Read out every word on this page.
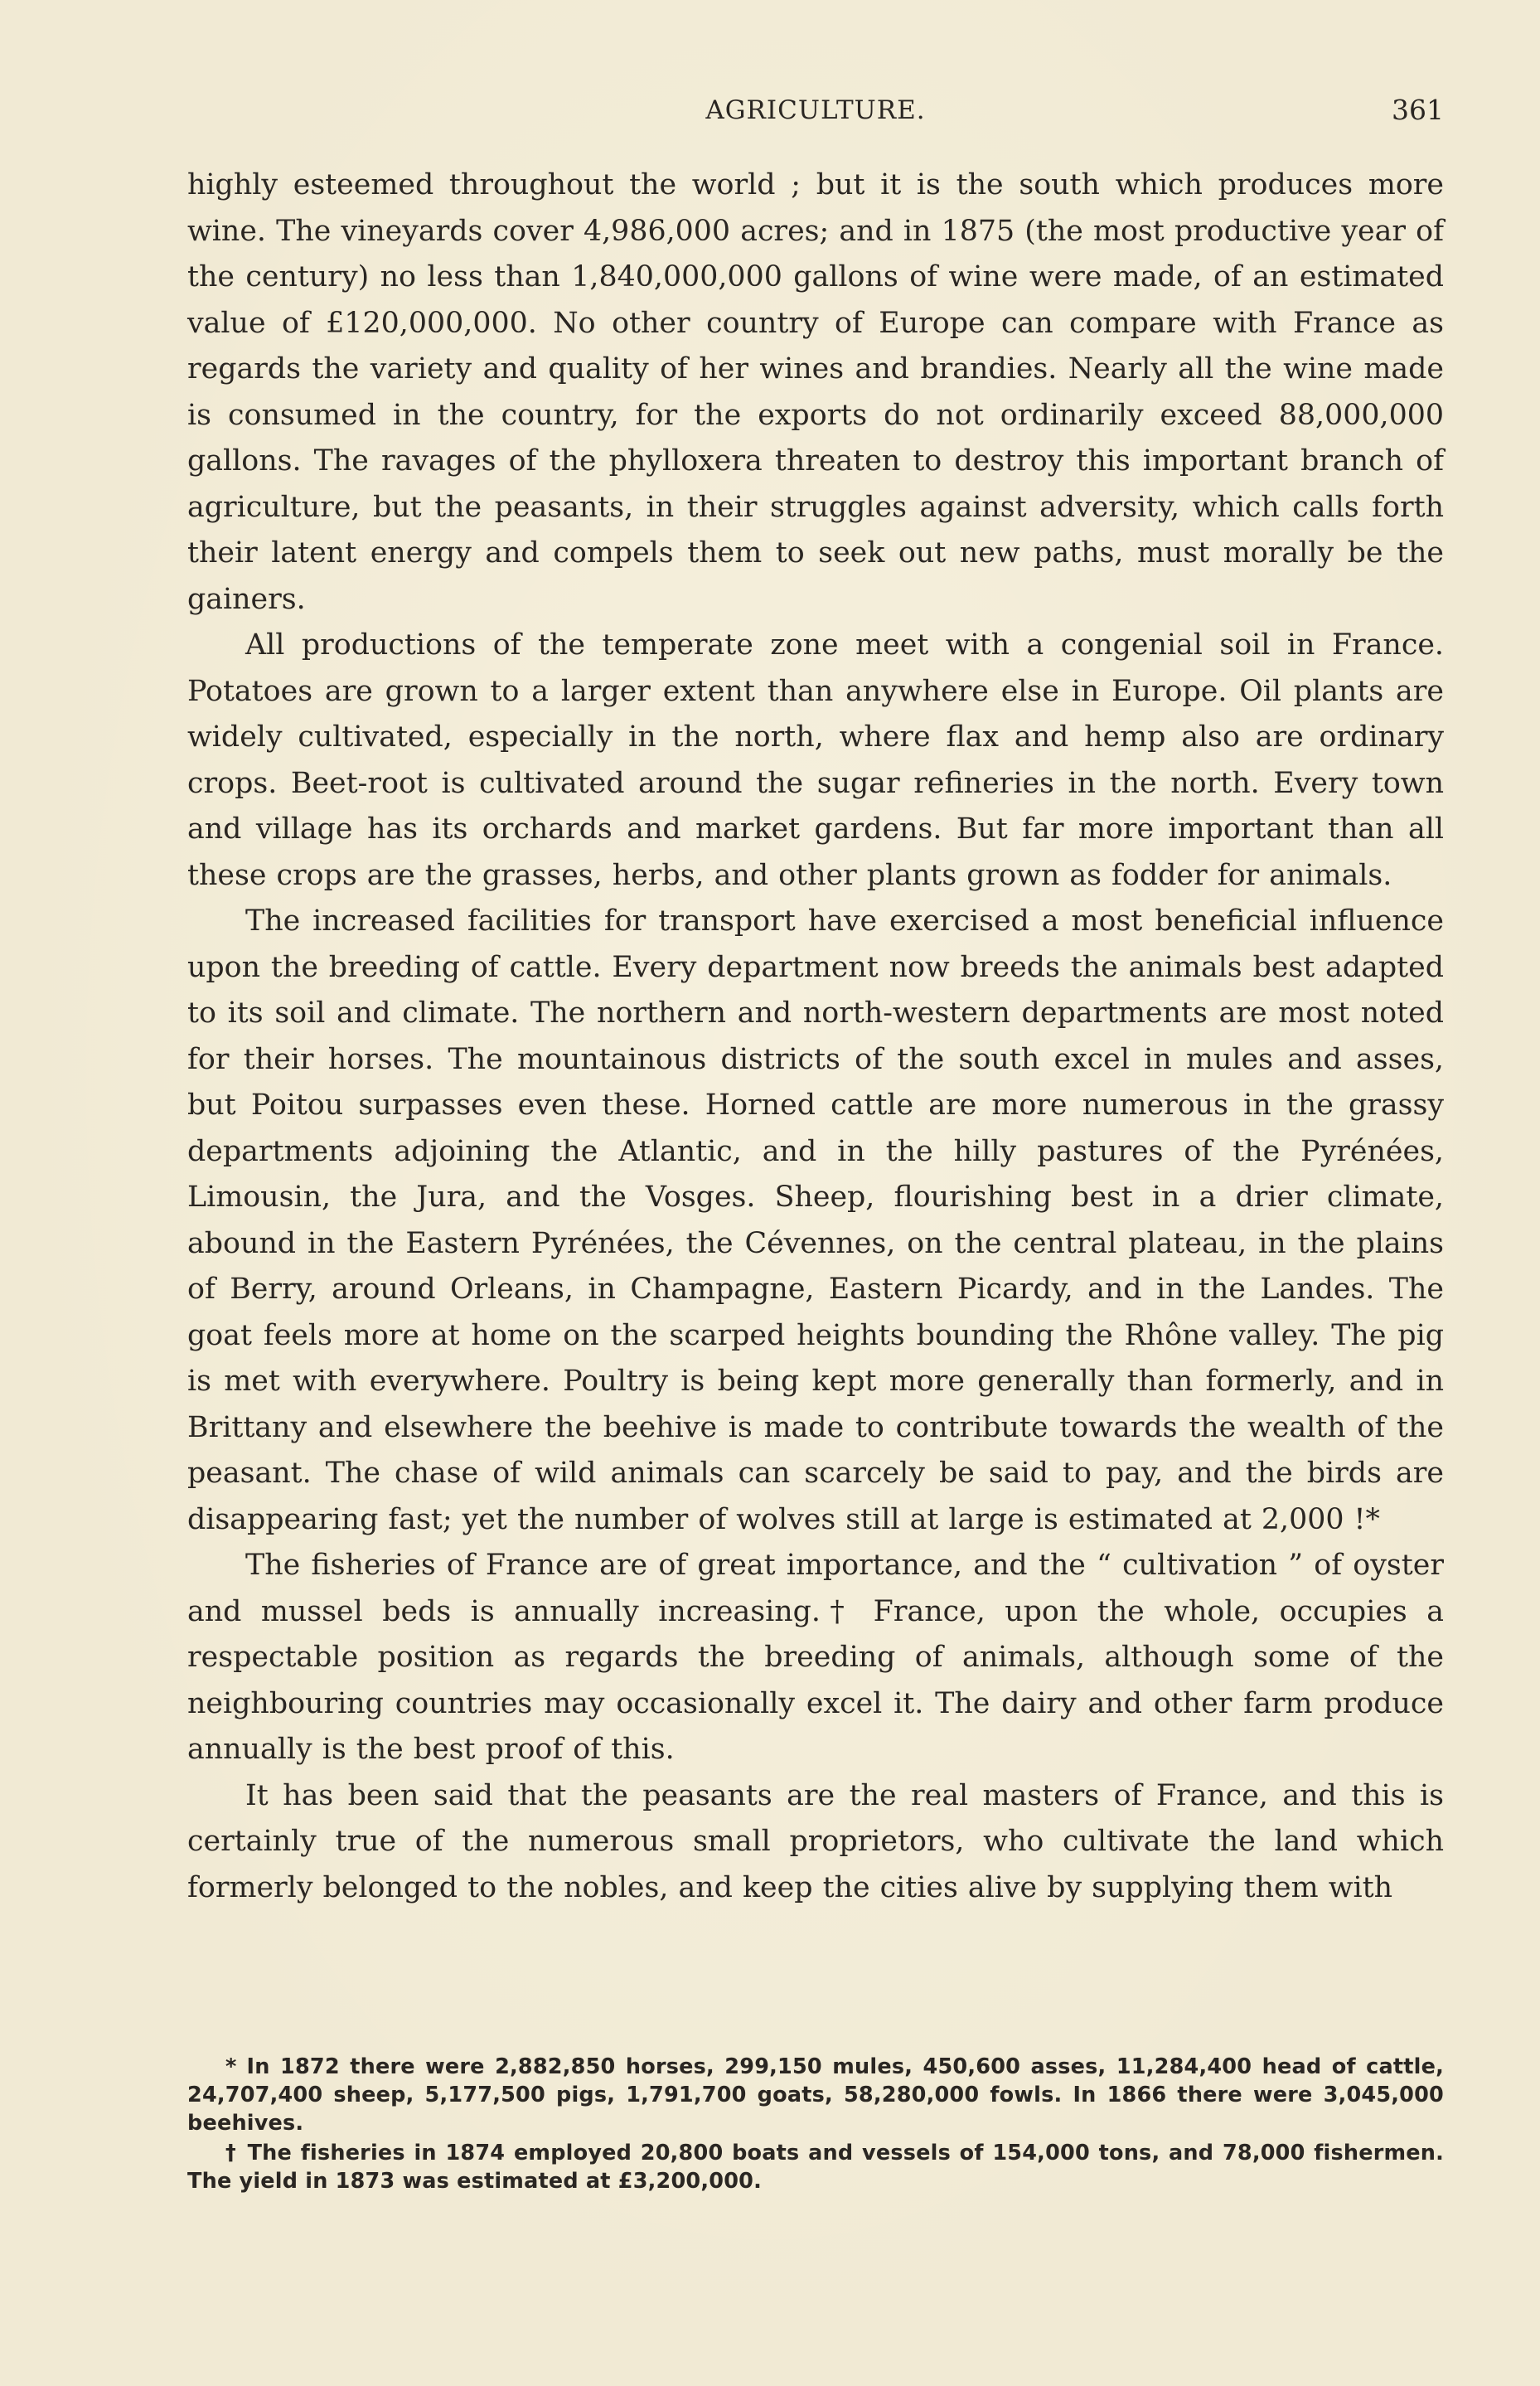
AGRICULTURE.	361

highly esteemed throughout the world ; but it is the south which produces more wine. The vineyards cover 4,986,000 acres; and in 1875 (the most productive year of the century) no less than 1,840,000,000 gallons of wine were made, of an estimated value of £120,000,000. No other country of Europe can compare with France as regards the variety and quality of her wines and brandies. Nearly all the wine made is consumed in the country, for the exports do not ordinarily exceed 88,000,000 gallons. The ravages of the phylloxera threaten to destroy this important branch of agriculture, but the peasants, in their struggles against adversity, which calls forth their latent energy and compels them to seek out new paths, must morally be the gainers.

All productions of the temperate zone meet with a congenial soil in France. Potatoes are grown to a larger extent than anywhere else in Europe. Oil plants are widely cultivated, especially in the north, where flax and hemp also are ordinary crops. Beet-root is cultivated around the sugar refineries in the north. Every town and village has its orchards and market gardens. But far more important than all these crops are the grasses, herbs, and other plants grown as fodder for animals.

The increased facilities for transport have exercised a most beneficial influence upon the breeding of cattle. Every department now breeds the animals best adapted to its soil and climate. The northern and north-western departments are most noted for their horses. The mountainous districts of the south excel in mules and asses, but Poitou surpasses even these. Horned cattle are more numerous in the grassy departments adjoining the Atlantic, and in the hilly pastures of the Pyrénées, Limousin, the Jura, and the Vosges. Sheep, flourishing best in a drier climate, abound in the Eastern Pyrénées, the Cévennes, on the central plateau, in the plains of Berry, around Orleans, in Champagne, Eastern Picardy, and in the Landes. The goat feels more at home on the scarped heights bounding the Rhône valley. The pig is met with everywhere. Poultry is being kept more generally than formerly, and in Brittany and elsewhere the beehive is made to contribute towards the wealth of the peasant. The chase of wild animals can scarcely be said to pay, and the birds are disappearing fast; yet the number of wolves still at large is estimated at 2,000 !*

The fisheries of France are of great importance, and the “ cultivation ” of oyster and mussel beds is annually increasing.† France, upon the whole, occupies a respectable position as regards the breeding of animals, although some of the neighbouring countries may occasionally excel it. The dairy and other farm produce annually is the best proof of this.

It has been said that the peasants are the real masters of France, and this is certainly true of the numerous small proprietors, who cultivate the land which formerly belonged to the nobles, and keep the cities alive by supplying them with

* In 1872 there were 2,882,850 horses, 299,150 mules, 450,600 asses, 11,284,400 head of cattle, 24,707,400 sheep, 5,177,500 pigs, 1,791,700 goats, 58,280,000 fowls. In 1866 there were 3,045,000 beehives.

† The fisheries in 1874 employed 20,800 boats and vessels of 154,000 tons, and 78,000 fishermen. The yield in 1873 was estimated at £3,200,000.
